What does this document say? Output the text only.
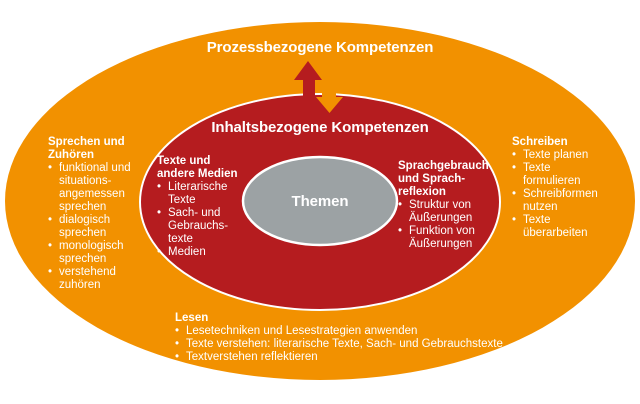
Prozessbezogene Kompetenzen
Inhaltsbezogene Kompetenzen
Themen
Sprechen und
Zuhören
• funktional und
situations-
angemessen
sprechen
• dialogisch
sprechen
• monologisch
sprechen
• verstehend
zuhören
Schreiben
• Texte planen
• Texte
formulieren
• Schreibformen
nutzen
• Texte
überarbeiten
Texte und
andere Medien
• Literarische
Texte
• Sach- und
Gebrauchs-
texte
• Medien
Sprachgebrauch
und Sprach-
reflexion
• Struktur von
Äußerungen
• Funktion von
Äußerungen
Lesen
• Lesetechniken und Lesestrategien anwenden
• Texte verstehen: literarische Texte, Sach- und Gebrauchstexte
• Textverstehen reflektieren
